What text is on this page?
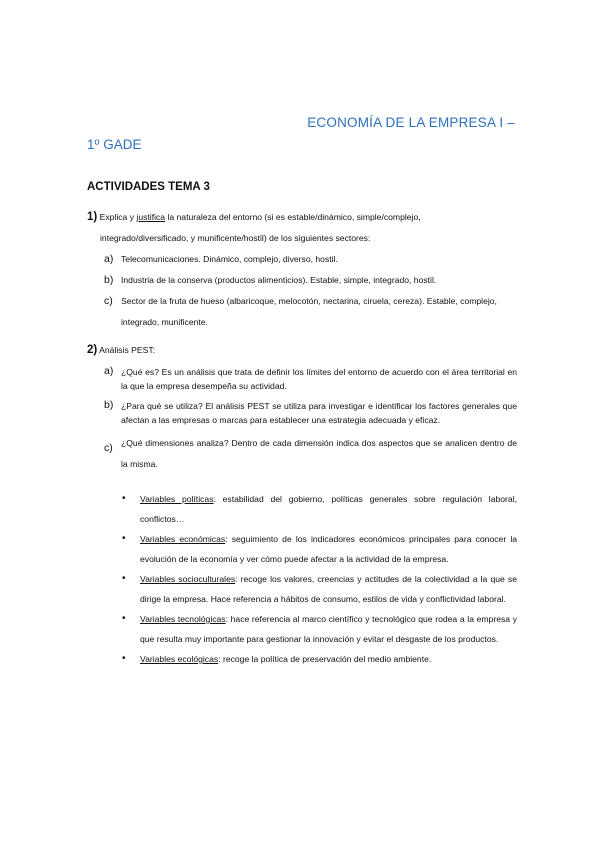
ECONOMÍA DE LA EMPRESA I –
1º GADE
ACTIVIDADES TEMA 3
1) Explica y justifica la naturaleza del entorno (si es estable/dinámico, simple/complejo,
integrado/diversificado, y munificente/hostil) de los siguientes sectores:
a) Telecomunicaciones. Dinámico, complejo, diverso, hostil.
b) Industria de la conserva (productos alimenticios). Estable, simple, integrado, hostil.
c) Sector de la fruta de hueso (albaricoque, melocotón, nectarina, ciruela, cereza). Estable, complejo, integrado, munificente.
2) Análisis PEST:
a) ¿Qué es? Es un análisis que trata de definir los límites del entorno de acuerdo con el área territorial en la que la empresa desempeña su actividad.
b) ¿Para qué se utiliza? El análisis PEST se utiliza para investigar e identificar los factores generales que afectan a las empresas o marcas para establecer una estrategia adecuada y eficaz.
c) ¿Qué dimensiones analiza? Dentro de cada dimensión indica dos aspectos que se analicen dentro de la misma.
• Variables políticas: estabilidad del gobierno, políticas generales sobre regulación laboral, conflictos…
• Variables económicas: seguimiento de los indicadores económicos principales para conocer la evolución de la economía y ver cómo puede afectar a la actividad de la empresa.
• Variables socioculturales: recoge los valores, creencias y actitudes de la colectividad a la que se dirige la empresa. Hace referencia a hábitos de consumo, estilos de vida y conflictividad laboral.
• Variables tecnológicas: hace referencia al marco científico y tecnológico que rodea a la empresa y que resulta muy importante para gestionar la innovación y evitar el desgaste de los productos.
• Variables ecológicas: recoge la política de preservación del medio ambiente.
